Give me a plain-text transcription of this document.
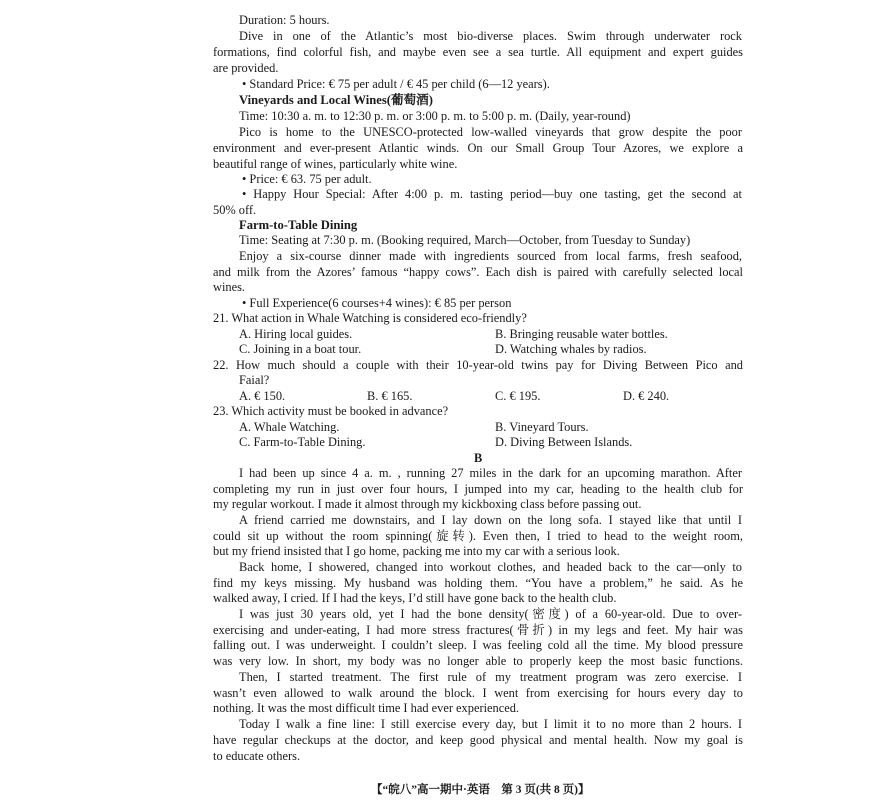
Duration: 5 hours.
Dive in one of the Atlantic’s most bio-diverse places. Swim through underwater rock
formations, find colorful fish, and maybe even see a sea turtle. All equipment and expert guides
are provided.
• Standard Price: € 75 per adult / € 45 per child (6—12 years).
Vineyards and Local Wines(葡萄酒)
Time: 10:30 a. m. to 12:30 p. m. or 3:00 p. m. to 5:00 p. m. (Daily, year-round)
Pico is home to the UNESCO-protected low-walled vineyards that grow despite the poor
environment and ever-present Atlantic winds. On our Small Group Tour Azores, we explore a
beautiful range of wines, particularly white wine.
• Price: € 63. 75 per adult.
• Happy Hour Special: After 4:00 p. m. tasting period—buy one tasting, get the second at
50% off.
Farm-to-Table Dining
Time: Seating at 7:30 p. m. (Booking required, March—October, from Tuesday to Sunday)
Enjoy a six-course dinner made with ingredients sourced from local farms, fresh seafood,
and milk from the Azores’ famous “happy cows”. Each dish is paired with carefully selected local
wines.
• Full Experience(6 courses+4 wines): € 85 per person
21. What action in Whale Watching is considered eco-friendly?
A. Hiring local guides.	B. Bringing reusable water bottles.
C. Joining in a boat tour.	D. Watching whales by radios.
22. How much should a couple with their 10-year-old twins pay for Diving Between Pico and
Faial?
A. € 150.	B. € 165.	C. € 195.	D. € 240.
23. Which activity must be booked in advance?
A. Whale Watching.	B. Vineyard Tours.
C. Farm-to-Table Dining.	D. Diving Between Islands.
B
I had been up since 4 a. m. , running 27 miles in the dark for an upcoming marathon. After
completing my run in just over four hours, I jumped into my car, heading to the health club for
my regular workout. I made it almost through my kickboxing class before passing out.
A friend carried me downstairs, and I lay down on the long sofa. I stayed like that until I
could sit up without the room spinning(旋转). Even then, I tried to head to the weight room,
but my friend insisted that I go home, packing me into my car with a serious look.
Back home, I showered, changed into workout clothes, and headed back to the car—only to
find my keys missing. My husband was holding them. “You have a problem,” he said. As he
walked away, I cried. If I had the keys, I’d still have gone back to the health club.
I was just 30 years old, yet I had the bone density(密度) of a 60-year-old. Due to over-
exercising and under-eating, I had more stress fractures(骨折) in my legs and feet. My hair was
falling out. I was underweight. I couldn’t sleep. I was feeling cold all the time. My blood pressure
was very low. In short, my body was no longer able to properly keep the most basic functions.
Then, I started treatment. The first rule of my treatment program was zero exercise. I
wasn’t even allowed to walk around the block. I went from exercising for hours every day to
nothing. It was the most difficult time I had ever experienced.
Today I walk a fine line: I still exercise every day, but I limit it to no more than 2 hours. I
have regular checkups at the doctor, and keep good physical and mental health. Now my goal is
to educate others.
【“皖八”高一期中·英语　第 3 页(共 8 页)】
